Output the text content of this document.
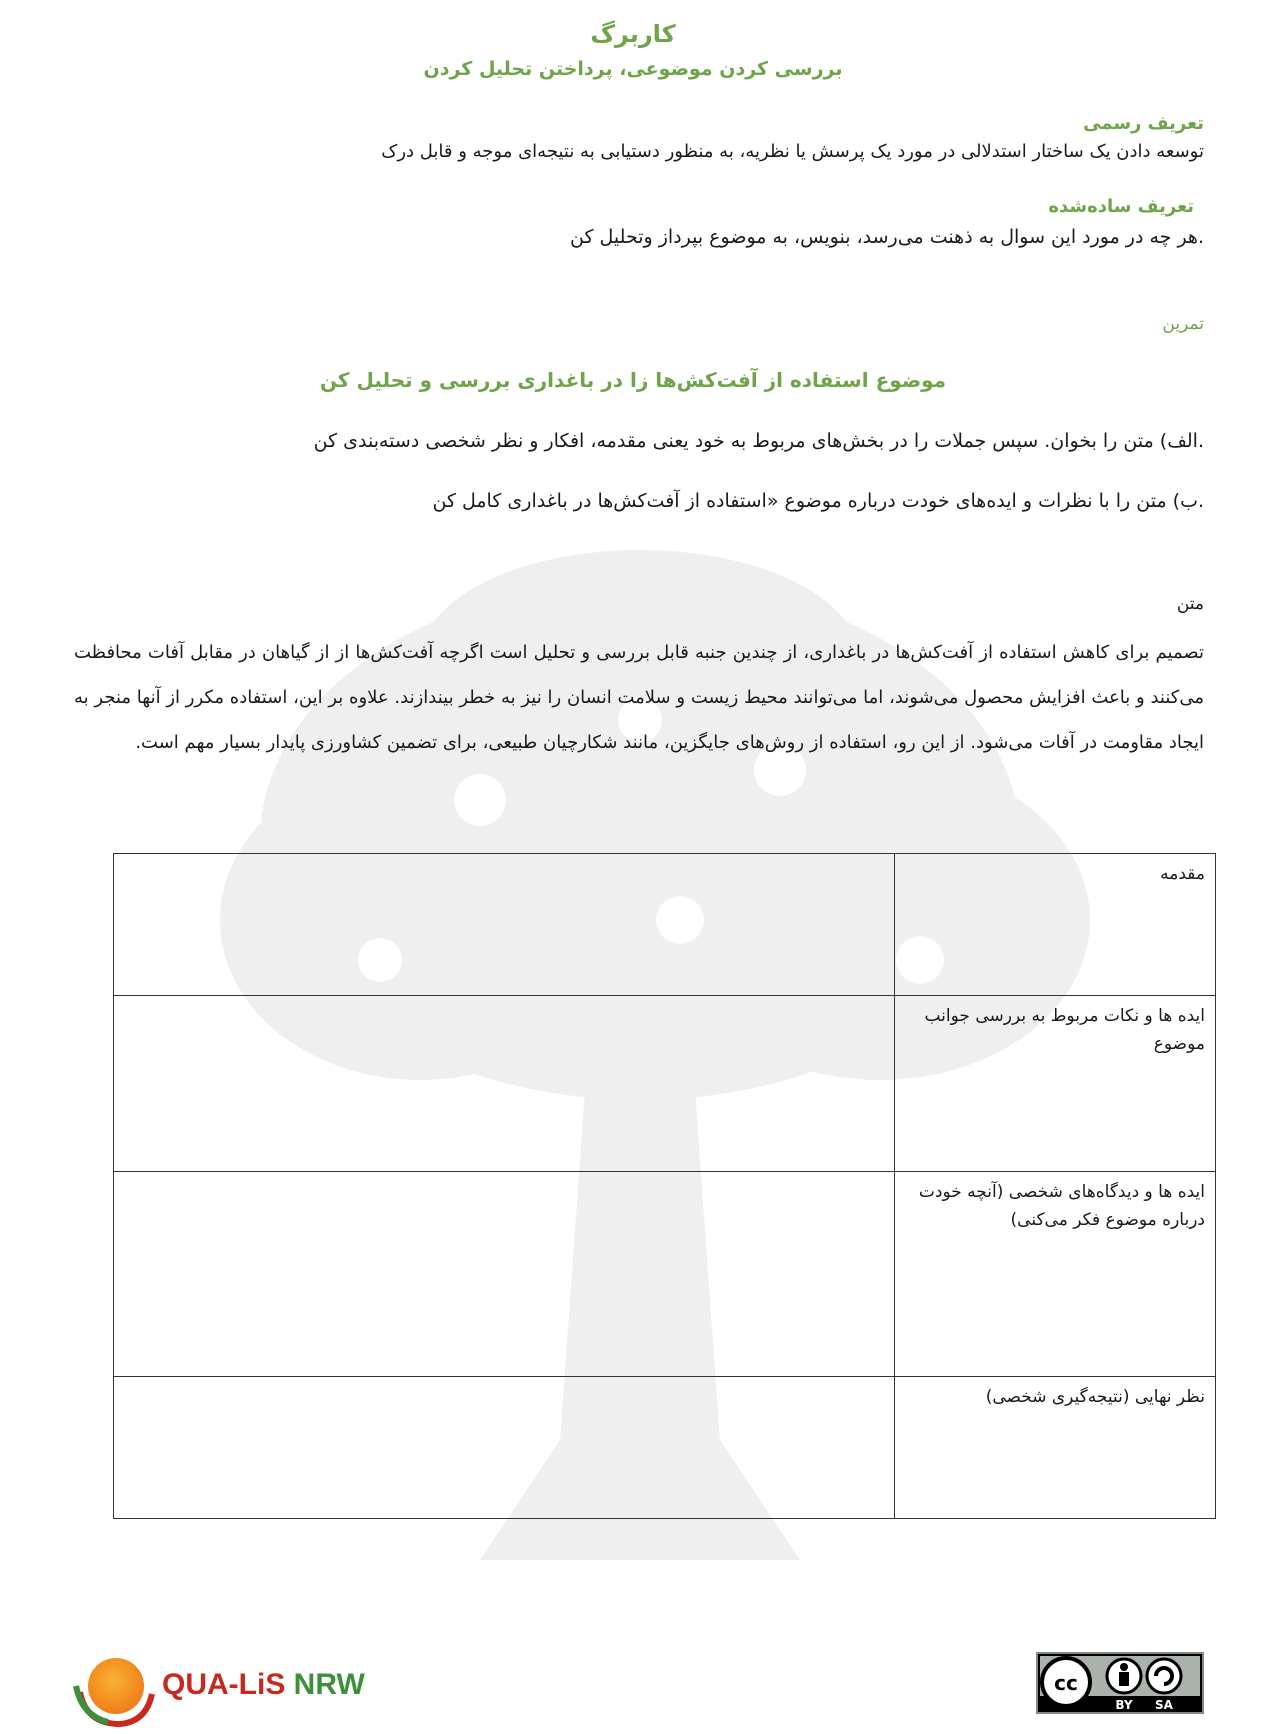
کاربرگ
بررسی کردن موضوعی، پرداختن تحلیل کردن
تعریف رسمی
توسعه دادن یک ساختار استدلالی در مورد یک پرسش یا نظریه، به منظور دستیابی به نتیجه‌ای موجه و قابل درک
تعریف ساده‌شده
.هر چه در مورد این سوال به ذهنت می‌رسد، بنویس، به موضوع بپرداز وتحلیل کن
تمرین
موضوع استفاده از آفت‌کش‌ها زا در باغداری بررسی و تحلیل کن
.الف) متن را بخوان. سپس جملات را در بخش‌های مربوط به خود یعنی مقدمه، افکار و نظر شخصی دسته‌بندی کن
.ب) متن را با نظرات و ایده‌های خودت درباره موضوع «استفاده از آفت‌کش‌ها در باغداری کامل کن
متن
تصمیم برای کاهش استفاده از آفت‌کش‌ها در باغداری، از چندین جنبه قابل بررسی و تحلیل است اگرچه آفت‌کش‌ها از از گیاهان در مقابل آفات محافظت می‌کنند و باعث افزایش محصول می‌شوند، اما می‌توانند محیط زیست و سلامت انسان را نیز به خطر بیندازند. علاوه بر این، استفاده مکرر از آنها منجر به ایجاد مقاومت در آفات می‌شود. از این رو، استفاده از روش‌های جایگزین، مانند شکارچیان طبیعی، برای تضمین کشاورزی پایدار بسیار مهم است.
مقدمه	
ایده ها و نکات مربوط به بررسی جوانب موضوع	
ایده ها و دیدگاه‌های شخصی (آنچه خودت درباره موضوع فکر می‌کنی)	
نظر نهایی (نتیجه‌گیری شخصی)	
QUA-LiS NRW	cc
BY SA
